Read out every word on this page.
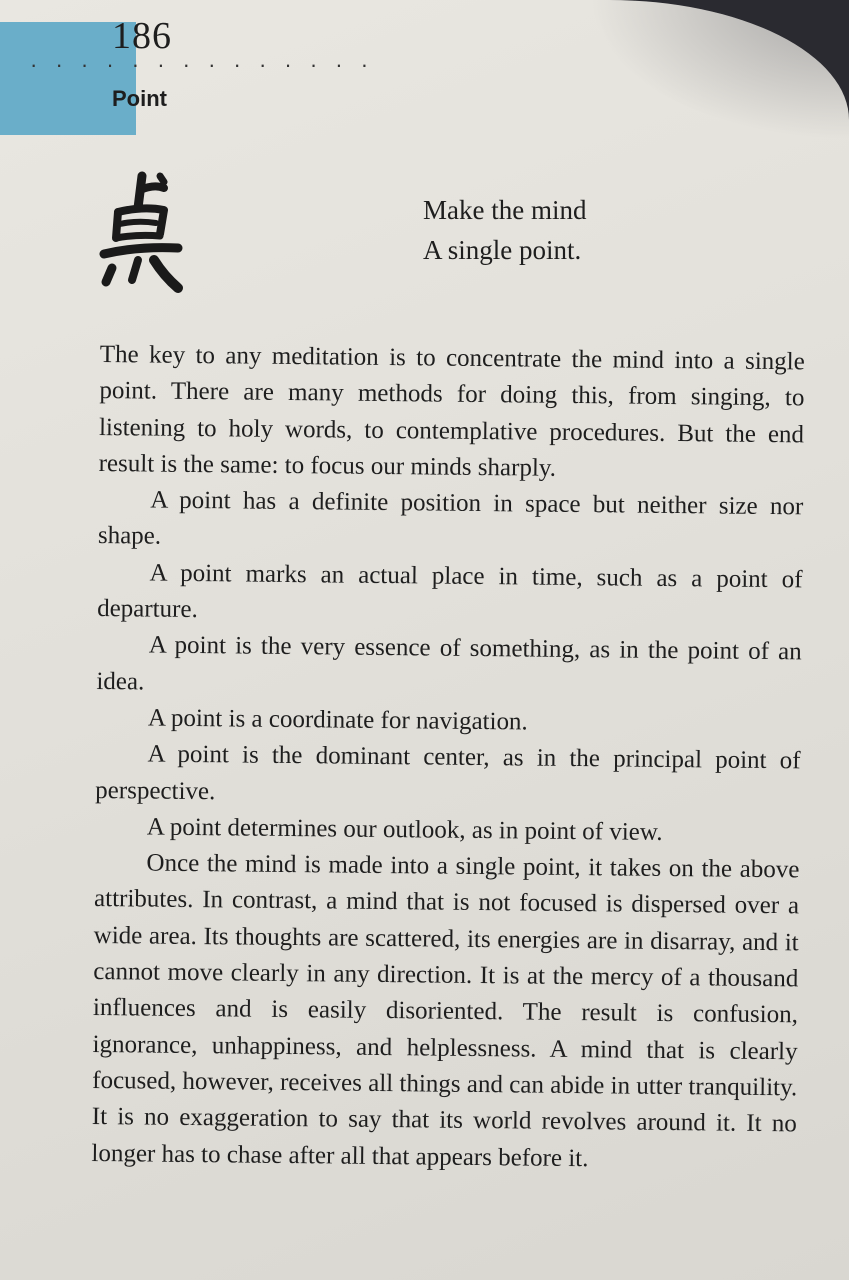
186
· · · · · · · · · · · · · ·
Point
Make the mind
A single point.

The key to any meditation is to concentrate the mind into a single point. There are many methods for doing this, from singing, to listening to holy words, to contemplative procedures. But the end result is the same: to focus our minds sharply.

A point has a definite position in space but neither size nor shape.

A point marks an actual place in time, such as a point of departure.

A point is the very essence of something, as in the point of an idea.

A point is a coordinate for navigation.

A point is the dominant center, as in the principal point of perspective.

A point determines our outlook, as in point of view.

Once the mind is made into a single point, it takes on the above attributes. In contrast, a mind that is not focused is dispersed over a wide area. Its thoughts are scattered, its energies are in disarray, and it cannot move clearly in any direction. It is at the mercy of a thousand influences and is easily disoriented. The result is confusion, ignorance, unhappiness, and helplessness. A mind that is clearly focused, however, receives all things and can abide in utter tranquility. It is no exaggeration to say that its world revolves around it. It no longer has to chase after all that appears before it.
